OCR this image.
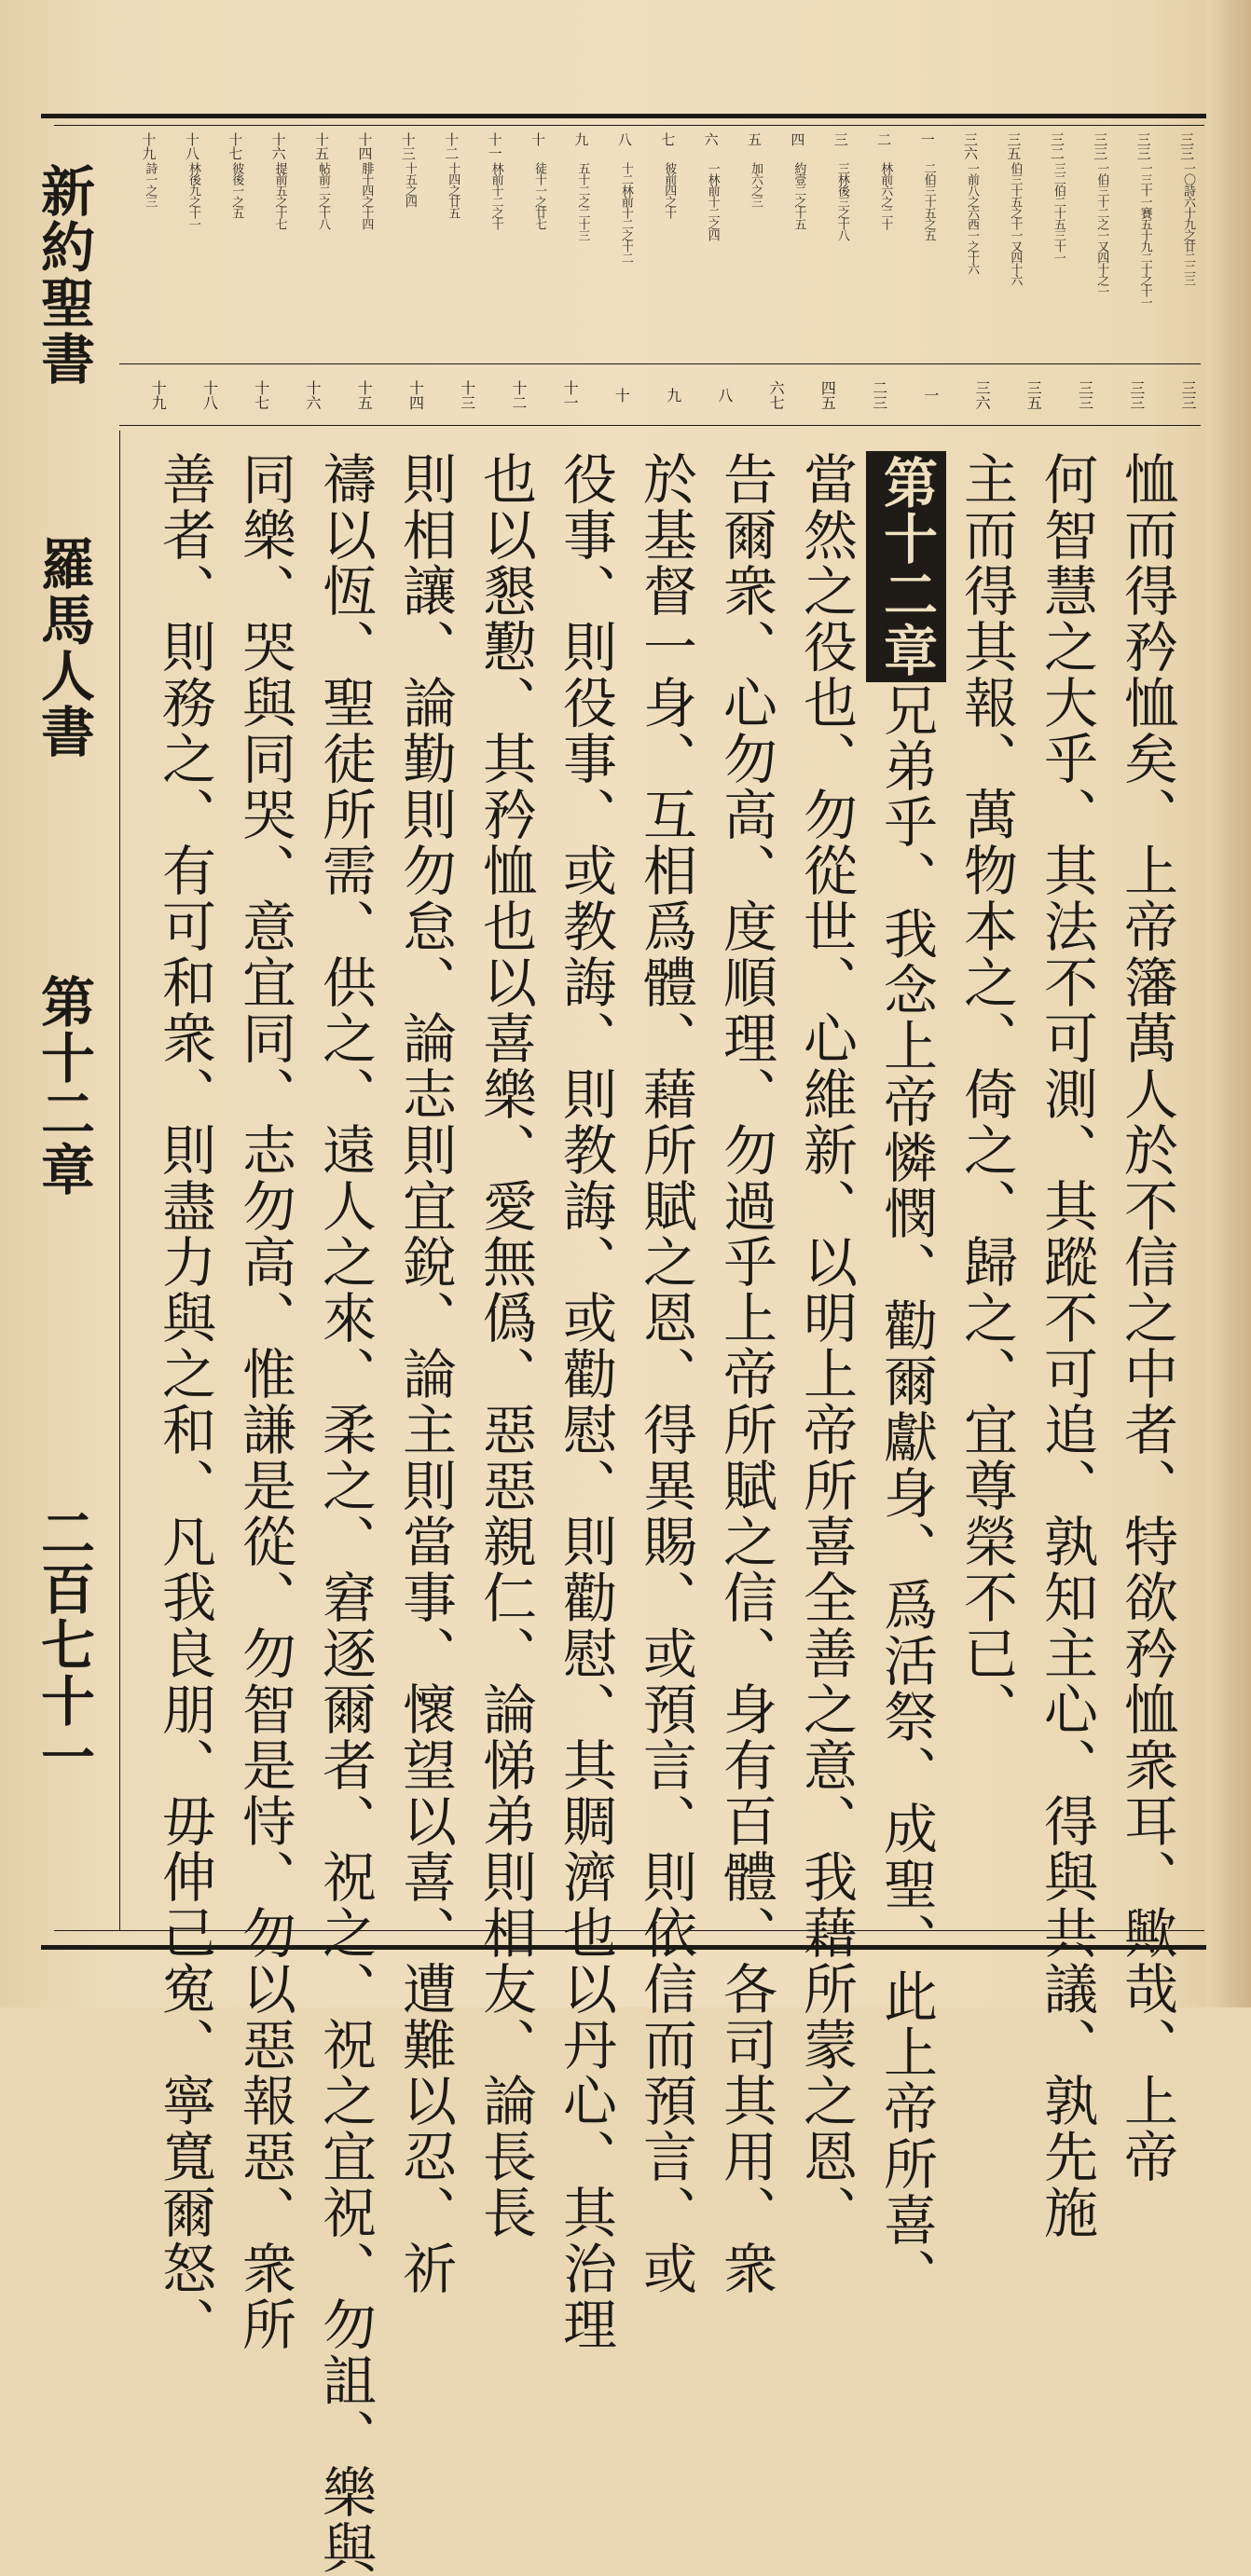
新約聖書
羅馬人書
第十二章
二百七十一
三三
一〇詩六十九之廿二二三
三三
一三十一賽五十九二十之十一
三三
一伯三十二之一又四十之一
三二
三二伯二十五三十一
三五
伯三十五之十一又四十六
三六
一前八之六西一之十六
一
二伯三十五之五
二
林前六之二十
三
三林後三之十八
四
約壹二之十五
五
加六之三
六
一林前十二之四
七
彼前四之十
八
十二林前十二之十二
九
五十二之二十三
十
徒十一之廿七
十一
林前十二之十
十二
十四之廿五
十三
十五之四
十四
腓十四之十四
十五
帖前二之十八
十六
提前五之十七
十七
彼後一之五
十八
林後九之十一
十九
詩一之三
三三
三三
三三
三五
三六
一
二三
四五
六七
八
九
十
十一
十二
十三
十四
十五
十六
十七
十八
十九
恤而得矜恤矣、上帝籓萬人於不信之中者、特欲矜恤衆耳、歟哉、上帝
何智慧之大乎、其法不可測、其蹤不可追、孰知主心、得與共議、孰先施
主而得其報、萬物本之、倚之、歸之、宜尊榮不已、
第十二章兄弟乎、我念上帝憐憫、勸爾獻身、爲活祭、成聖、此上帝所喜、
當然之役也、勿從世、心維新、以明上帝所喜全善之意、我藉所蒙之恩、
告爾衆、心勿高、度順理、勿過乎上帝所賦之信、身有百體、各司其用、衆
於基督一身、互相爲體、藉所賦之恩、得異賜、或預言、則依信而預言、或
役事、則役事、或教誨、則教誨、或勸慰、則勸慰、其賙濟也以丹心、其治理
也以懇懃、其矜恤也以喜樂、愛無僞、惡惡親仁、論悌弟則相友、論長長
則相讓、論勤則勿怠、論志則宜銳、論主則當事、懷望以喜、遭難以忍、祈
禱以恆、聖徒所需、供之、遠人之來、柔之、窘逐爾者、祝之、祝之宜祝、勿詛、樂與
同樂、哭與同哭、意宜同、志勿高、惟謙是從、勿智是恃、勿以惡報惡、衆所
善者、則務之、有可和衆、則盡力與之和、凡我良朋、毋伸己寃、寧寬爾怒、
